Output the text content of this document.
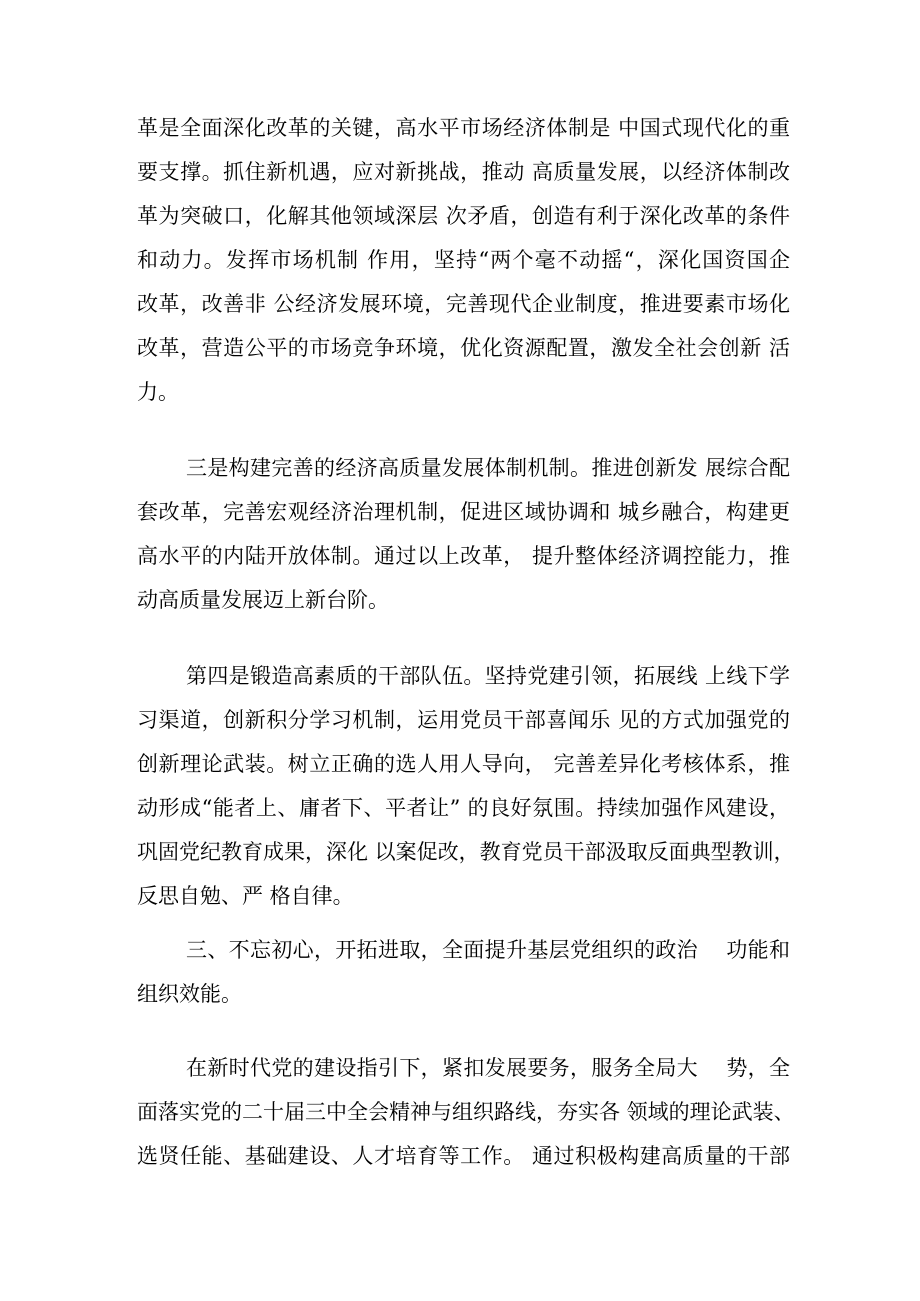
革是全面深化改革的关键，高水平市场经济体制是 中国式现代化的重

要支撑。抓住新机遇，应对新挑战，推动 高质量发展，以经济体制改

革为突破口，化解其他领域深层 次矛盾，创造有利于深化改革的条件

和动力。发挥市场机制 作用，坚持“两个毫不动摇“，深化国资国企

改革，改善非 公经济发展环境，完善现代企业制度，推进要素市场化

改革，营造公平的市场竞争环境，优化资源配置，激发全社会创新 活

力。

三是构建完善的经济高质量发展体制机制。推进创新发 展综合配

套改革，完善宏观经济治理机制，促进区域协调和 城乡融合，构建更

高水平的内陆开放体制。通过以上改革， 提升整体经济调控能力，推

动高质量发展迈上新台阶。

第四是锻造高素质的干部队伍。坚持党建引领，拓展线 上线下学

习渠道，创新积分学习机制，运用党员干部喜闻乐 见的方式加强党的

创新理论武装。树立正确的选人用人导向， 完善差异化考核体系，推

动形成“能者上、庸者下、平者让” 的良好氛围。持续加强作风建设，

巩固党纪教育成果，深化 以案促改，教育党员干部汲取反面典型教训，

反思自勉、严 格自律。

三、不忘初心，开拓进取，全面提升基层党组织的政治　 功能和

组织效能。

在新时代党的建设指引下，紧扣发展要务，服务全局大　 势，全

面落实党的二十届三中全会精神与组织路线，夯实各 领域的理论武装、

选贤任能、基础建设、人才培育等工作。 通过积极构建高质量的干部
